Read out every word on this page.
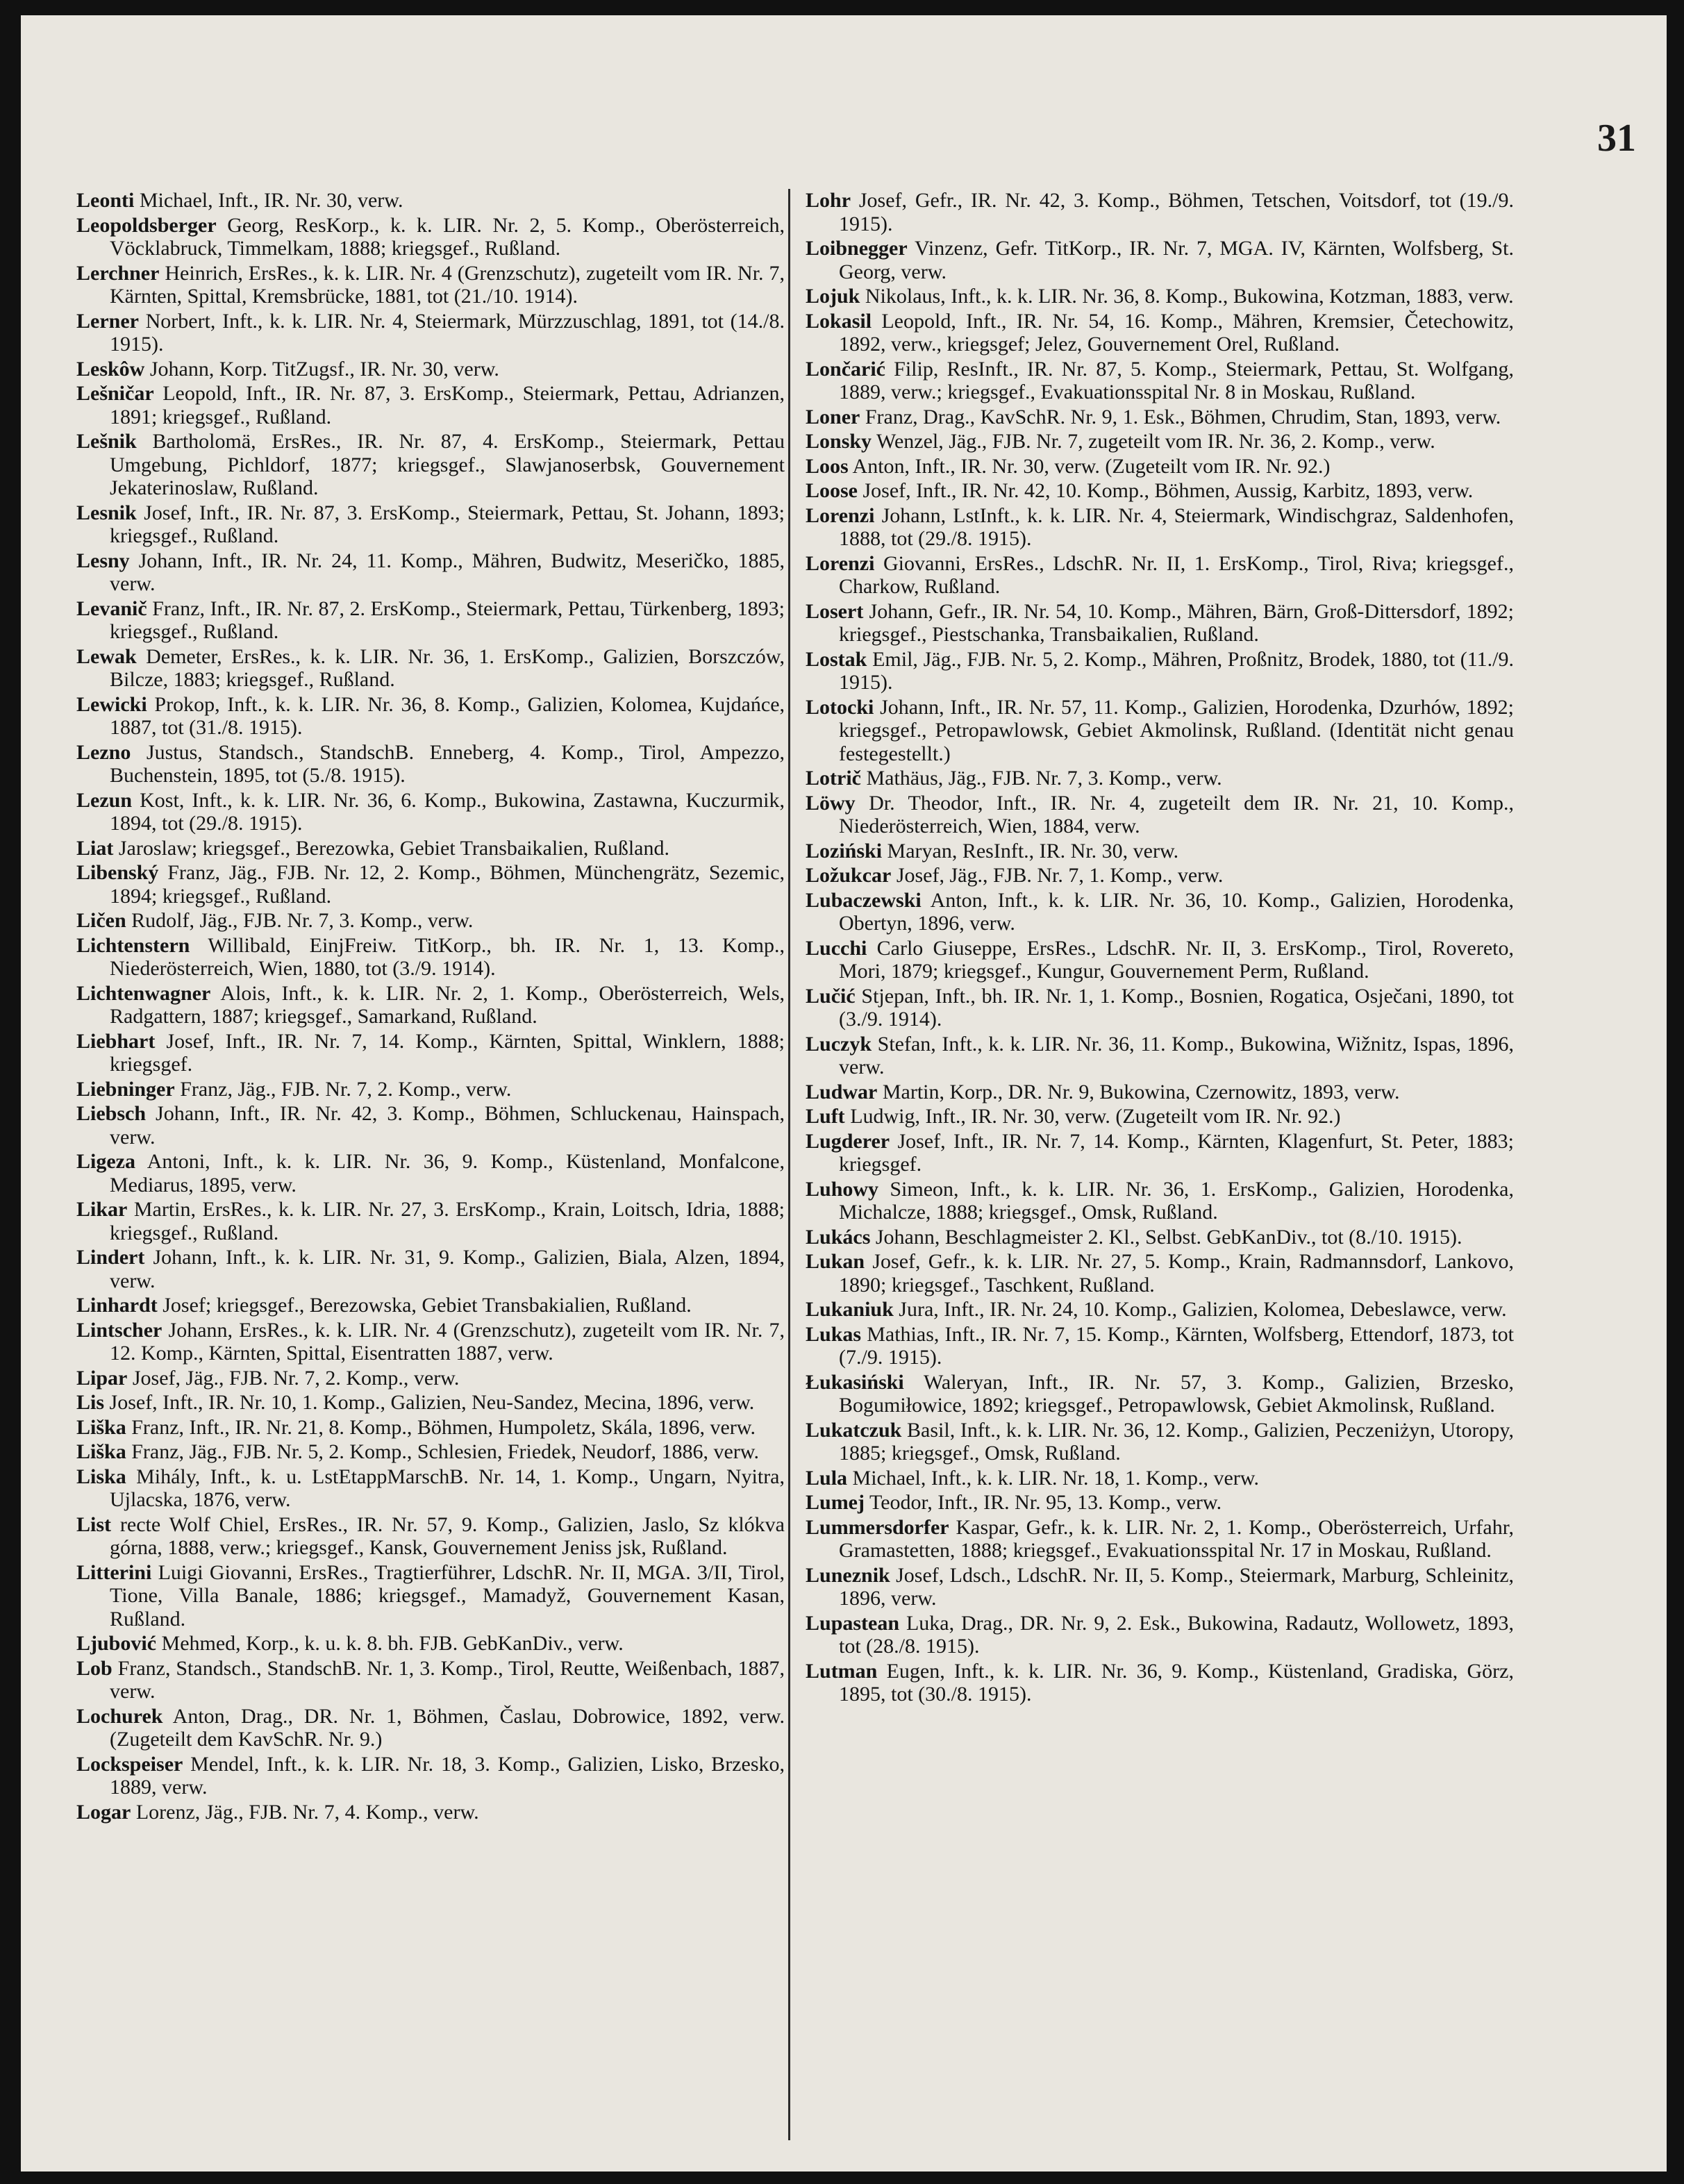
31

Leonti Michael, Inft., IR. Nr. 30, verw.

Leopoldsberger Georg, ResKorp., k. k. LIR. Nr. 2, 5. Komp., Oberösterreich, Vöcklabruck, Timmelkam, 1888; kriegsgef., Rußland.

Lerchner Heinrich, ErsRes., k. k. LIR. Nr. 4 (Grenzschutz), zugeteilt vom IR. Nr. 7, Kärnten, Spittal, Kremsbrücke, 1881, tot (21./10. 1914).

Lerner Norbert, Inft., k. k. LIR. Nr. 4, Steiermark, Mürzzuschlag, 1891, tot (14./8. 1915).

Leskôw Johann, Korp. TitZugsf., IR. Nr. 30, verw.

Lešničar Leopold, Inft., IR. Nr. 87, 3. ErsKomp., Steiermark, Pettau, Adrianzen, 1891; kriegsgef., Rußland.

Lešnik Bartholomä, ErsRes., IR. Nr. 87, 4. ErsKomp., Steiermark, Pettau Umgebung, Pichldorf, 1877; kriegsgef., Slawjanoserbsk, Gouvernement Jekaterinoslaw, Rußland.

Lesnik Josef, Inft., IR. Nr. 87, 3. ErsKomp., Steiermark, Pettau, St. Johann, 1893; kriegsgef., Rußland.

Lesny Johann, Inft., IR. Nr. 24, 11. Komp., Mähren, Budwitz, Meseričko, 1885, verw.

Levanič Franz, Inft., IR. Nr. 87, 2. ErsKomp., Steiermark, Pettau, Türkenberg, 1893; kriegsgef., Rußland.

Lewak Demeter, ErsRes., k. k. LIR. Nr. 36, 1. ErsKomp., Galizien, Borszczów, Bilcze, 1883; kriegsgef., Rußland.

Lewicki Prokop, Inft., k. k. LIR. Nr. 36, 8. Komp., Galizien, Kolomea, Kujdańce, 1887, tot (31./8. 1915).

Lezno Justus, Standsch., StandschB. Enneberg, 4. Komp., Tirol, Ampezzo, Buchenstein, 1895, tot (5./8. 1915).

Lezun Kost, Inft., k. k. LIR. Nr. 36, 6. Komp., Bukowina, Zastawna, Kuczurmik, 1894, tot (29./8. 1915).

Liat Jaroslaw; kriegsgef., Berezowka, Gebiet Transbaikalien, Rußland.

Libenský Franz, Jäg., FJB. Nr. 12, 2. Komp., Böhmen, Münchengrätz, Sezemic, 1894; kriegsgef., Rußland.

Ličen Rudolf, Jäg., FJB. Nr. 7, 3. Komp., verw.

Lichtenstern Willibald, EinjFreiw. TitKorp., bh. IR. Nr. 1, 13. Komp., Niederösterreich, Wien, 1880, tot (3./9. 1914).

Lichtenwagner Alois, Inft., k. k. LIR. Nr. 2, 1. Komp., Oberösterreich, Wels, Radgattern, 1887; kriegsgef., Samarkand, Rußland.

Liebhart Josef, Inft., IR. Nr. 7, 14. Komp., Kärnten, Spittal, Winklern, 1888; kriegsgef.

Liebninger Franz, Jäg., FJB. Nr. 7, 2. Komp., verw.

Liebsch Johann, Inft., IR. Nr. 42, 3. Komp., Böhmen, Schluckenau, Hainspach, verw.

Ligeza Antoni, Inft., k. k. LIR. Nr. 36, 9. Komp., Küstenland, Monfalcone, Mediarus, 1895, verw.

Likar Martin, ErsRes., k. k. LIR. Nr. 27, 3. ErsKomp., Krain, Loitsch, Idria, 1888; kriegsgef., Rußland.

Lindert Johann, Inft., k. k. LIR. Nr. 31, 9. Komp., Galizien, Biala, Alzen, 1894, verw.

Linhardt Josef; kriegsgef., Berezowska, Gebiet Transbakialien, Rußland.

Lintscher Johann, ErsRes., k. k. LIR. Nr. 4 (Grenzschutz), zugeteilt vom IR. Nr. 7, 12. Komp., Kärnten, Spittal, Eisentratten 1887, verw.

Lipar Josef, Jäg., FJB. Nr. 7, 2. Komp., verw.

Lis Josef, Inft., IR. Nr. 10, 1. Komp., Galizien, Neu-Sandez, Mecina, 1896, verw.

Liška Franz, Inft., IR. Nr. 21, 8. Komp., Böhmen, Humpoletz, Skála, 1896, verw.

Liška Franz, Jäg., FJB. Nr. 5, 2. Komp., Schlesien, Friedek, Neudorf, 1886, verw.

Liska Mihály, Inft., k. u. LstEtappMarschB. Nr. 14, 1. Komp., Ungarn, Nyitra, Ujlacska, 1876, verw.

List recte Wolf Chiel, ErsRes., IR. Nr. 57, 9. Komp., Galizien, Jaslo, Sz klókva górna, 1888, verw.; kriegsgef., Kansk, Gouvernement Jeniss jsk, Rußland.

Litterini Luigi Giovanni, ErsRes., Tragtierführer, LdschR. Nr. II, MGA. 3/II, Tirol, Tione, Villa Banale, 1886; kriegsgef., Mamadyž, Gouvernement Kasan, Rußland.

Ljubović Mehmed, Korp., k. u. k. 8. bh. FJB. GebKanDiv., verw.

Lob Franz, Standsch., StandschB. Nr. 1, 3. Komp., Tirol, Reutte, Weißenbach, 1887, verw.

Lochurek Anton, Drag., DR. Nr. 1, Böhmen, Časlau, Dobrowice, 1892, verw. (Zugeteilt dem KavSchR. Nr. 9.)

Lockspeiser Mendel, Inft., k. k. LIR. Nr. 18, 3. Komp., Galizien, Lisko, Brzesko, 1889, verw.

Logar Lorenz, Jäg., FJB. Nr. 7, 4. Komp., verw.

Lohr Josef, Gefr., IR. Nr. 42, 3. Komp., Böhmen, Tetschen, Voitsdorf, tot (19./9. 1915).

Loibnegger Vinzenz, Gefr. TitKorp., IR. Nr. 7, MGA. IV, Kärnten, Wolfsberg, St. Georg, verw.

Lojuk Nikolaus, Inft., k. k. LIR. Nr. 36, 8. Komp., Bukowina, Kotzman, 1883, verw.

Lokasil Leopold, Inft., IR. Nr. 54, 16. Komp., Mähren, Kremsier, Četechowitz, 1892, verw., kriegsgef; Jelez, Gouvernement Orel, Rußland.

Lončarić Filip, ResInft., IR. Nr. 87, 5. Komp., Steiermark, Pettau, St. Wolfgang, 1889, verw.; kriegsgef., Evakuationsspital Nr. 8 in Moskau, Rußland.

Loner Franz, Drag., KavSchR. Nr. 9, 1. Esk., Böhmen, Chrudim, Stan, 1893, verw.

Lonsky Wenzel, Jäg., FJB. Nr. 7, zugeteilt vom IR. Nr. 36, 2. Komp., verw.

Loos Anton, Inft., IR. Nr. 30, verw. (Zugeteilt vom IR. Nr. 92.)

Loose Josef, Inft., IR. Nr. 42, 10. Komp., Böhmen, Aussig, Karbitz, 1893, verw.

Lorenzi Johann, LstInft., k. k. LIR. Nr. 4, Steiermark, Windischgraz, Saldenhofen, 1888, tot (29./8. 1915).

Lorenzi Giovanni, ErsRes., LdschR. Nr. II, 1. ErsKomp., Tirol, Riva; kriegsgef., Charkow, Rußland.

Losert Johann, Gefr., IR. Nr. 54, 10. Komp., Mähren, Bärn, Groß-Dittersdorf, 1892; kriegsgef., Piestschanka, Transbaikalien, Rußland.

Lostak Emil, Jäg., FJB. Nr. 5, 2. Komp., Mähren, Proßnitz, Brodek, 1880, tot (11./9. 1915).

Lotocki Johann, Inft., IR. Nr. 57, 11. Komp., Galizien, Horodenka, Dzurhów, 1892; kriegsgef., Petropawlowsk, Gebiet Akmolinsk, Rußland. (Identität nicht genau festegestellt.)

Lotrič Mathäus, Jäg., FJB. Nr. 7, 3. Komp., verw.

Löwy Dr. Theodor, Inft., IR. Nr. 4, zugeteilt dem IR. Nr. 21, 10. Komp., Niederösterreich, Wien, 1884, verw.

Loziński Maryan, ResInft., IR. Nr. 30, verw.

Ložukcar Josef, Jäg., FJB. Nr. 7, 1. Komp., verw.

Lubaczewski Anton, Inft., k. k. LIR. Nr. 36, 10. Komp., Galizien, Horodenka, Obertyn, 1896, verw.

Lucchi Carlo Giuseppe, ErsRes., LdschR. Nr. II, 3. ErsKomp., Tirol, Rovereto, Mori, 1879; kriegsgef., Kungur, Gouvernement Perm, Rußland.

Lučić Stjepan, Inft., bh. IR. Nr. 1, 1. Komp., Bosnien, Rogatica, Osječani, 1890, tot (3./9. 1914).

Luczyk Stefan, Inft., k. k. LIR. Nr. 36, 11. Komp., Bukowina, Wižnitz, Ispas, 1896, verw.

Ludwar Martin, Korp., DR. Nr. 9, Bukowina, Czernowitz, 1893, verw.

Luft Ludwig, Inft., IR. Nr. 30, verw. (Zugeteilt vom IR. Nr. 92.)

Lugderer Josef, Inft., IR. Nr. 7, 14. Komp., Kärnten, Klagenfurt, St. Peter, 1883; kriegsgef.

Luhowy Simeon, Inft., k. k. LIR. Nr. 36, 1. ErsKomp., Galizien, Horodenka, Michalcze, 1888; kriegsgef., Omsk, Rußland.

Lukács Johann, Beschlagmeister 2. Kl., Selbst. GebKanDiv., tot (8./10. 1915).

Lukan Josef, Gefr., k. k. LIR. Nr. 27, 5. Komp., Krain, Radmannsdorf, Lankovo, 1890; kriegsgef., Taschkent, Rußland.

Lukaniuk Jura, Inft., IR. Nr. 24, 10. Komp., Galizien, Kolomea, Debeslawce, verw.

Lukas Mathias, Inft., IR. Nr. 7, 15. Komp., Kärnten, Wolfsberg, Ettendorf, 1873, tot (7./9. 1915).

Łukasiński Waleryan, Inft., IR. Nr. 57, 3. Komp., Galizien, Brzesko, Bogumiłowice, 1892; kriegsgef., Petropawlowsk, Gebiet Akmolinsk, Rußland.

Lukatczuk Basil, Inft., k. k. LIR. Nr. 36, 12. Komp., Galizien, Peczeniżyn, Utoropy, 1885; kriegsgef., Omsk, Rußland.

Lula Michael, Inft., k. k. LIR. Nr. 18, 1. Komp., verw.

Lumej Teodor, Inft., IR. Nr. 95, 13. Komp., verw.

Lummersdorfer Kaspar, Gefr., k. k. LIR. Nr. 2, 1. Komp., Oberösterreich, Urfahr, Gramastetten, 1888; kriegsgef., Evakuationsspital Nr. 17 in Moskau, Rußland.

Luneznik Josef, Ldsch., LdschR. Nr. II, 5. Komp., Steiermark, Marburg, Schleinitz, 1896, verw.

Lupastean Luka, Drag., DR. Nr. 9, 2. Esk., Bukowina, Radautz, Wollowetz, 1893, tot (28./8. 1915).

Lutman Eugen, Inft., k. k. LIR. Nr. 36, 9. Komp., Küstenland, Gradiska, Görz, 1895, tot (30./8. 1915).
